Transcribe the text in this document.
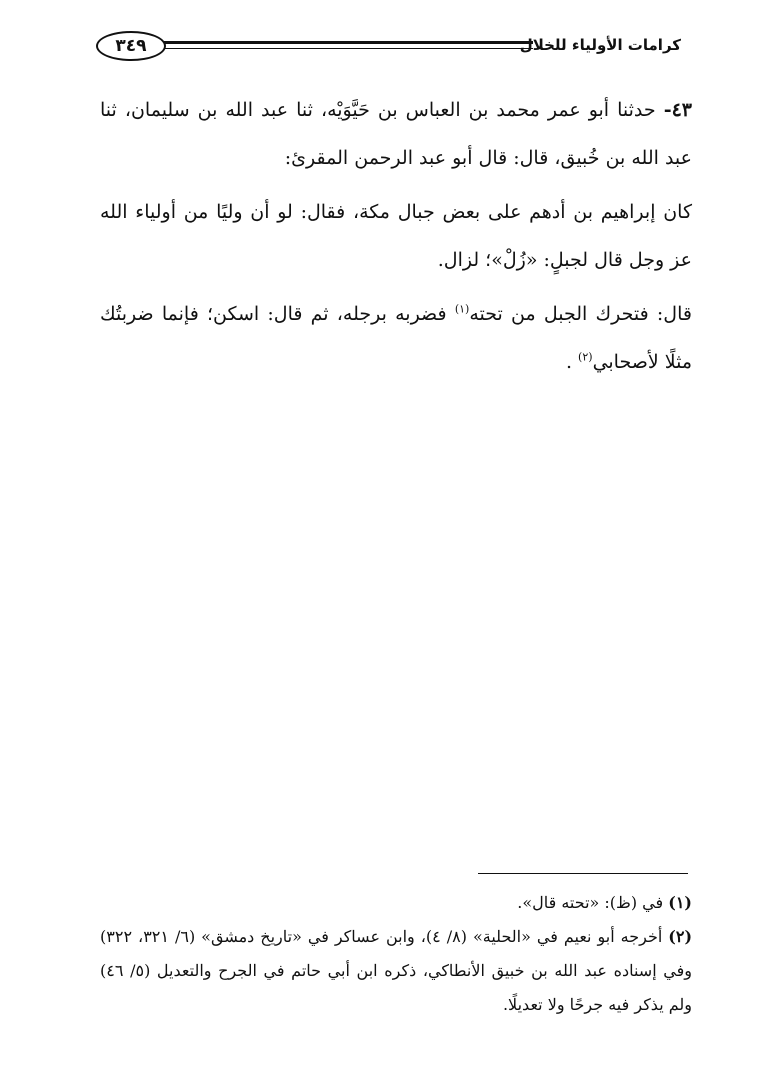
كرامات الأولياء للخلال
٣٤٩

٤٣- حدثنا أبو عمر محمد بن العباس بن حَيَّوَيْه، ثنا عبد الله بن سليمان، ثنا عبد الله بن خُبيق، قال: قال أبو عبد الرحمن المقرئ:

كان إبراهيم بن أدهم على بعض جبال مكة، فقال: لو أن وليًا من أولياء الله عز وجل قال لجبلٍ: «زُلْ»؛ لزال.

قال: فتحرك الجبل من تحته$^{(١)}$ فضربه برجله، ثم قال: اسكن؛ فإنما ضربتُك مثلًا لأصحابي$^{(٢)}$ .

(١) في (ظ): «تحته قال».

(٢) أخرجه أبو نعيم في «الحلية» (٨/ ٤)، وابن عساكر في «تاريخ دمشق» (٦/ ٣٢١، ٣٢٢) وفي إسناده عبد الله بن خبيق الأنطاكي، ذكره ابن أبي حاتم في الجرح والتعديل (٥/ ٤٦) ولم يذكر فيه جرحًا ولا تعديلًا.
